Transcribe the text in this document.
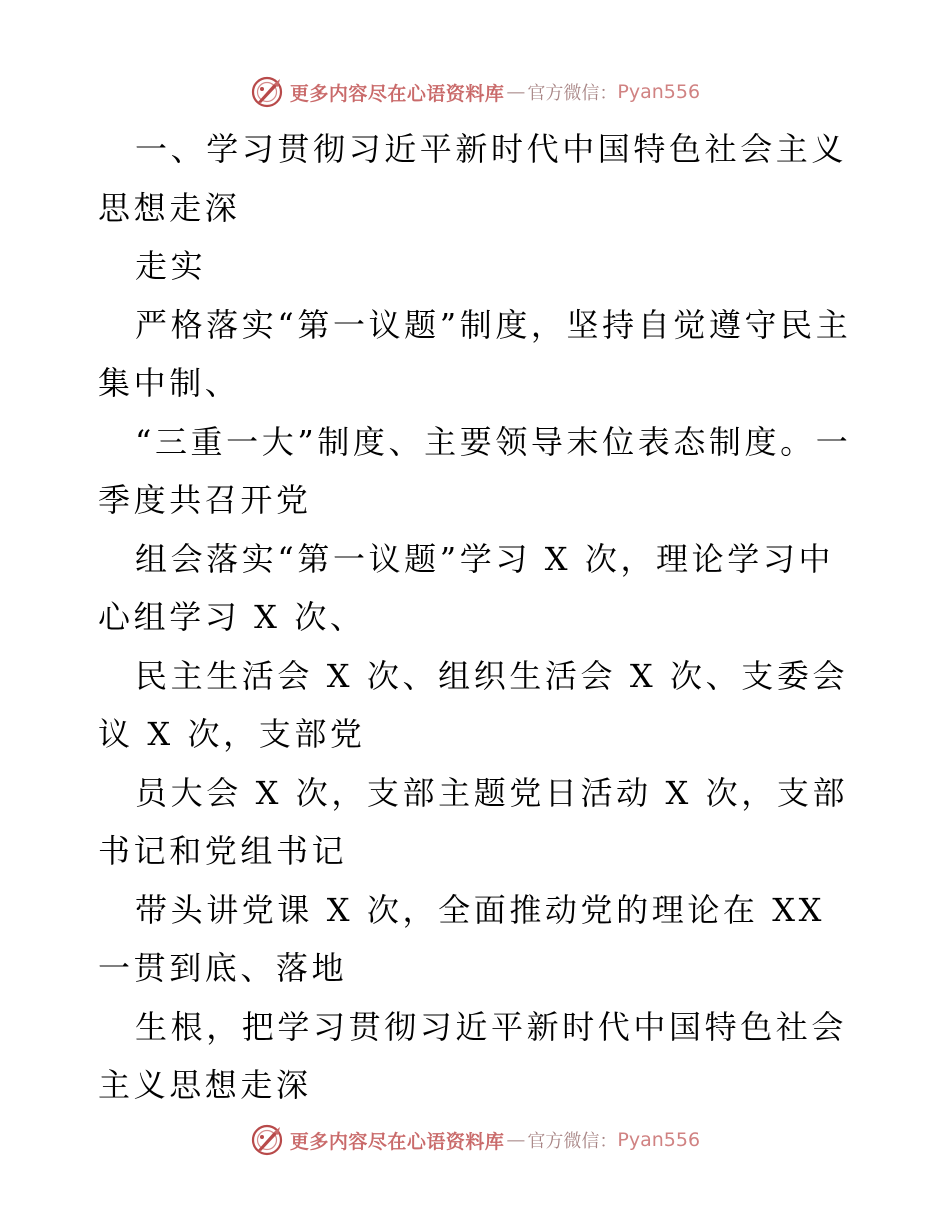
更多内容尽在心语资料库 — 官方微信： Pyan556

一、学习贯彻习近平新时代中国特色社会主义思想走深

走实

严格落实“第一议题”制度，坚持自觉遵守民主集中制、

“三重一大”制度、主要领导末位表态制度。一季度共召开党

组会落实“第一议题”学习 X 次，理论学习中心组学习 X 次、

民主生活会 X 次、组织生活会 X 次、支委会议 X 次，支部党

员大会 X 次，支部主题党日活动 X 次，支部书记和党组书记

带头讲党课 X 次，全面推动党的理论在 XX 一贯到底、落地

生根，把学习贯彻习近平新时代中国特色社会主义思想走深

更多内容尽在心语资料库 — 官方微信： Pyan556
